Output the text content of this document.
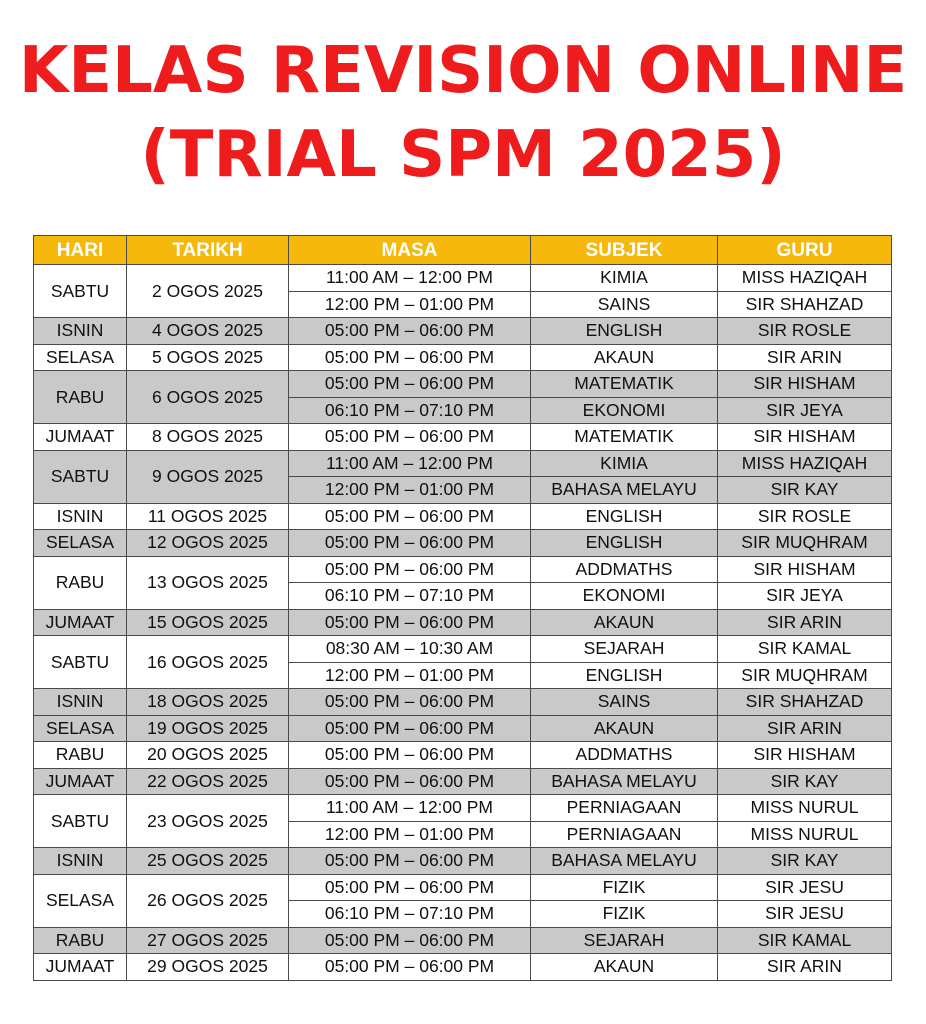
KELAS REVISION ONLINE
(TRIAL SPM 2025)
HARI	TARIKH	MASA	SUBJEK	GURU
SABTU	2 OGOS 2025	11:00 AM – 12:00 PM	KIMIA	MISS HAZIQAH
		12:00 PM – 01:00 PM	SAINS	SIR SHAHZAD
ISNIN	4 OGOS 2025	05:00 PM – 06:00 PM	ENGLISH	SIR ROSLE
SELASA	5 OGOS 2025	05:00 PM – 06:00 PM	AKAUN	SIR ARIN
RABU	6 OGOS 2025	05:00 PM – 06:00 PM	MATEMATIK	SIR HISHAM
		06:10 PM – 07:10 PM	EKONOMI	SIR JEYA
JUMAAT	8 OGOS 2025	05:00 PM – 06:00 PM	MATEMATIK	SIR HISHAM
SABTU	9 OGOS 2025	11:00 AM – 12:00 PM	KIMIA	MISS HAZIQAH
		12:00 PM – 01:00 PM	BAHASA MELAYU	SIR KAY
ISNIN	11 OGOS 2025	05:00 PM – 06:00 PM	ENGLISH	SIR ROSLE
SELASA	12 OGOS 2025	05:00 PM – 06:00 PM	ENGLISH	SIR MUQHRAM
RABU	13 OGOS 2025	05:00 PM – 06:00 PM	ADDMATHS	SIR HISHAM
		06:10 PM – 07:10 PM	EKONOMI	SIR JEYA
JUMAAT	15 OGOS 2025	05:00 PM – 06:00 PM	AKAUN	SIR ARIN
SABTU	16 OGOS 2025	08:30 AM – 10:30 AM	SEJARAH	SIR KAMAL
		12:00 PM – 01:00 PM	ENGLISH	SIR MUQHRAM
ISNIN	18 OGOS 2025	05:00 PM – 06:00 PM	SAINS	SIR SHAHZAD
SELASA	19 OGOS 2025	05:00 PM – 06:00 PM	AKAUN	SIR ARIN
RABU	20 OGOS 2025	05:00 PM – 06:00 PM	ADDMATHS	SIR HISHAM
JUMAAT	22 OGOS 2025	05:00 PM – 06:00 PM	BAHASA MELAYU	SIR KAY
SABTU	23 OGOS 2025	11:00 AM – 12:00 PM	PERNIAGAAN	MISS NURUL
		12:00 PM – 01:00 PM	PERNIAGAAN	MISS NURUL
ISNIN	25 OGOS 2025	05:00 PM – 06:00 PM	BAHASA MELAYU	SIR KAY
SELASA	26 OGOS 2025	05:00 PM – 06:00 PM	FIZIK	SIR JESU
		06:10 PM – 07:10 PM	FIZIK	SIR JESU
RABU	27 OGOS 2025	05:00 PM – 06:00 PM	SEJARAH	SIR KAMAL
JUMAAT	29 OGOS 2025	05:00 PM – 06:00 PM	AKAUN	SIR ARIN
